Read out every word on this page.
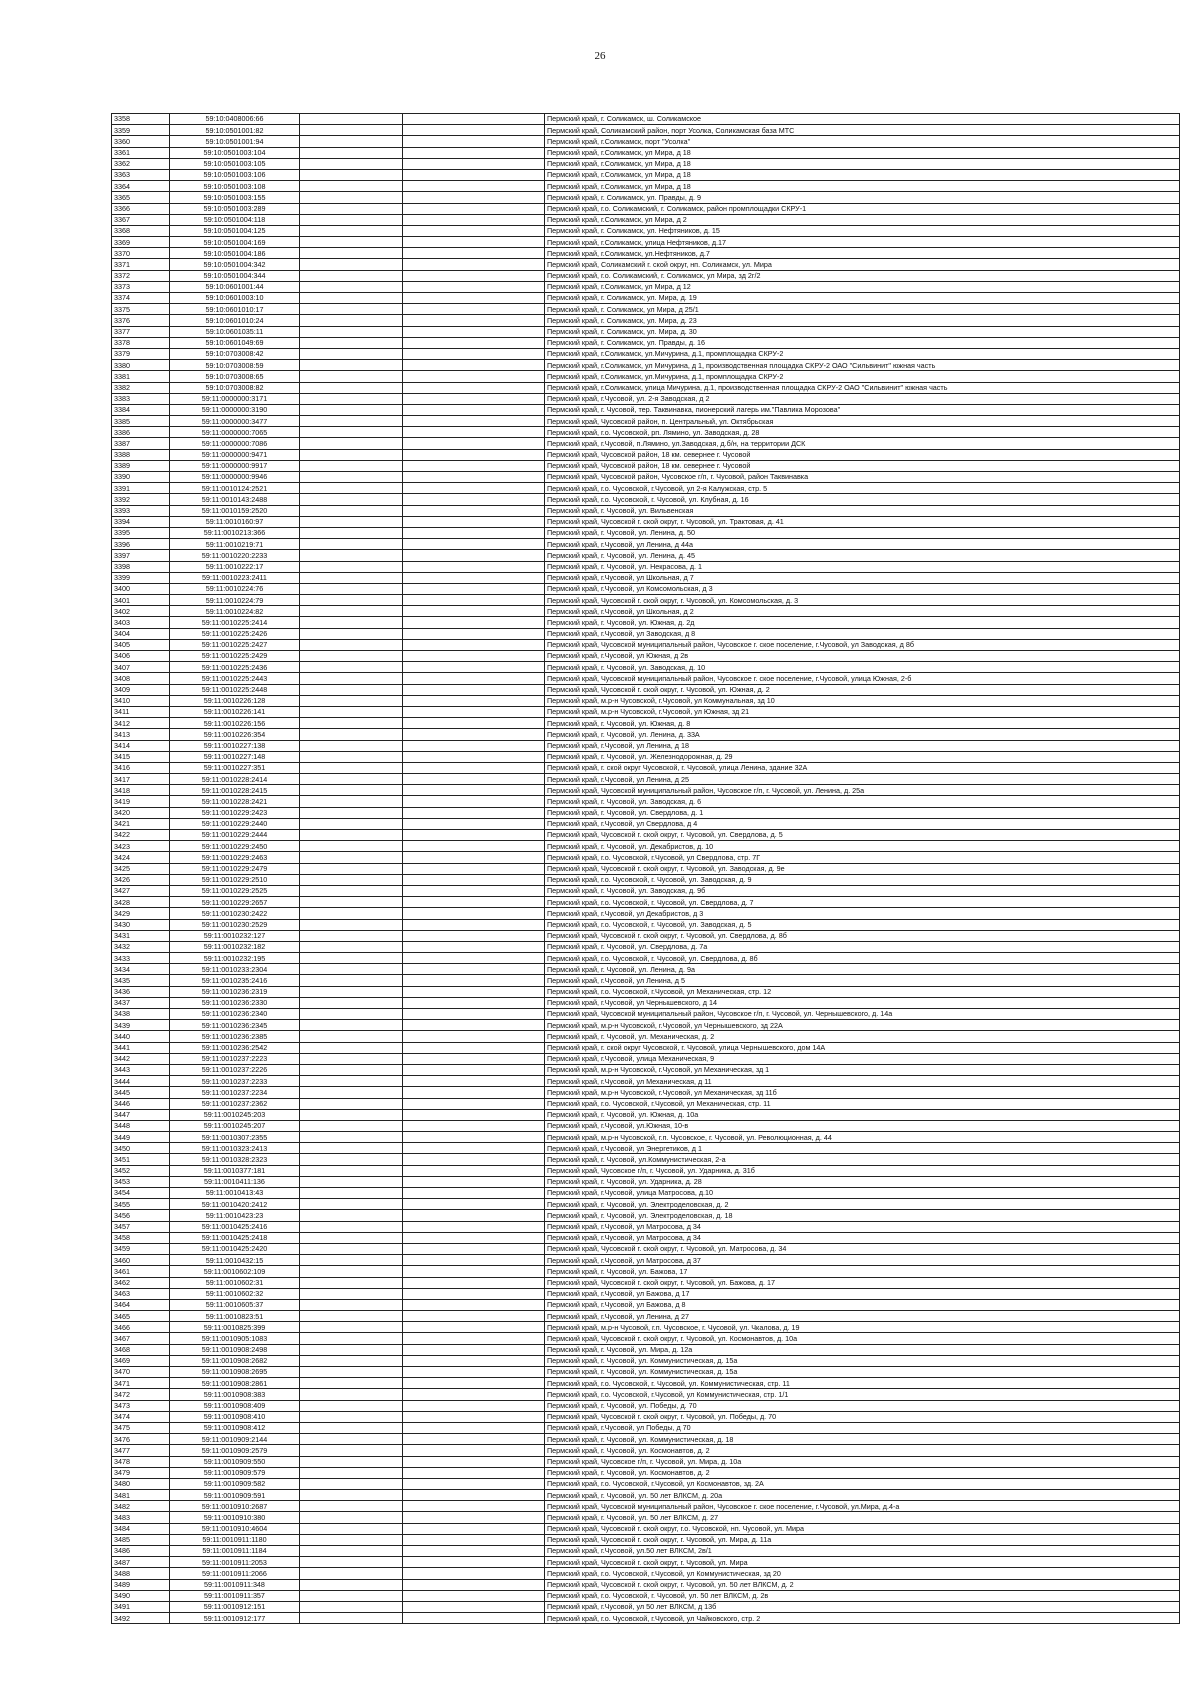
26
3358	59:10:0408006:66			Пермский край, г. Соликамск, ш. Соликамское
3359	59:10:0501001:82			Пермский край, Соликамский район, порт Усолка, Соликамская база МТС
3360	59:10:0501001:94			Пермский край, г.Соликамск, порт "Усолка"
3361	59:10:0501003:104			Пермский край, г.Соликамск, ул Мира, д 18
3362	59:10:0501003:105			Пермский край, г.Соликамск, ул Мира, д 18
3363	59:10:0501003:106			Пермский край, г.Соликамск, ул Мира, д 18
3364	59:10:0501003:108			Пермский край, г.Соликамск, ул Мира, д 18
3365	59:10:0501003:155			Пермский край, г. Соликамск, ул. Правды, д. 9
3366	59:10:0501003:289			Пермский край, г.о. Соликамский, г. Соликамск, район промплощадки СКРУ-1
3367	59:10:0501004:118			Пермский край, г.Соликамск, ул Мира, д 2
3368	59:10:0501004:125			Пермский край, г. Соликамск, ул. Нефтяников, д. 15
3369	59:10:0501004:169			Пермский край, г.Соликамск, улица Нефтяников, д.17
3370	59:10:0501004:186			Пермский край, г.Соликамск, ул.Нефтяников, д.7
3371	59:10:0501004:342			Пермский край, Соликамский г. ской округ, нп. Соликамск, ул. Мира
3372	59:10:0501004:344			Пермский край, г.о. Соликамский, г. Соликамск, ул Мира, зд 2г/2
3373	59:10:0601001:44			Пермский край, г.Соликамск, ул Мира, д 12
3374	59:10:0601003:10			Пермский край, г. Соликамск, ул. Мира, д. 19
3375	59:10:0601010:17			Пермский край, г. Соликамск, ул Мира, д 25/1
3376	59:10:0601010:24			Пермский край, г. Соликамск, ул. Мира, д. 23
3377	59:10:0601035:11			Пермский край, г. Соликамск, ул. Мира, д. 30
3378	59:10:0601049:69			Пермский край, г. Соликамск, ул. Правды, д. 16
3379	59:10:0703008:42			Пермский край, г.Соликамск, ул.Мичурина, д.1, промплощадка СКРУ-2
3380	59:10:0703008:59			Пермский край, г.Соликамск, ул Мичурина, д 1, производственная площадка СКРУ-2 ОАО "Сильвинит" южная часть
3381	59:10:0703008:65			Пермский край, г.Соликамск, ул.Мичурина, д.1, промплощадка СКРУ-2
3382	59:10:0703008:82			Пермский край, г.Соликамск, улица Мичурина, д.1, производственная площадка СКРУ-2 ОАО "Сильвинит" южная часть
3383	59:11:0000000:3171			Пермский край, г.Чусовой, ул. 2-я Заводская, д 2
3384	59:11:0000000:3190			Пермский край, г. Чусовой, тер. Таквинавка, пионерский лагерь им."Павлика Морозова"
3385	59:11:0000000:3477			Пермский край, Чусовской район, п. Центральный, ул. Октябрьская
3386	59:11:0000000:7065			Пермский край, г.о. Чусовской, рп. Лямино, ул. Заводская, д. 28
3387	59:11:0000000:7086			Пермский край, г.Чусовой, п.Лямино, ул.Заводская, д.б/н, на территории ДСК
3388	59:11:0000000:9471			Пермский край, Чусовской район, 18 км. севернее г. Чусовой
3389	59:11:0000000:9917			Пермский край, Чусовской район, 18 км. севернее г. Чусовой
3390	59:11:0000000:9946			Пермский край, Чусовской район, Чусовское г/п, г. Чусовой, район Таквинавка
3391	59:11:0010124:2521			Пермский край, г.о. Чусовской, г.Чусовой, ул 2-я Калужская, стр. 5
3392	59:11:0010143:2488			Пермский край, г.о. Чусовской, г. Чусовой, ул. Клубная, д. 16
3393	59:11:0010159:2520			Пермский край, г. Чусовой, ул. Вильвенская
3394	59:11:0010160:97			Пермский край, Чусовской г. ской округ, г. Чусовой, ул. Трактовая, д. 41
3395	59:11:0010213:366			Пермский край, г. Чусовой, ул. Ленина, д. 50
3396	59:11:0010219:71			Пермский край, г.Чусовой, ул Ленина, д 44а
3397	59:11:0010220:2233			Пермский край, г. Чусовой, ул. Ленина, д. 45
3398	59:11:0010222:17			Пермский край, г. Чусовой, ул. Некрасова, д. 1
3399	59:11:0010223:2411			Пермский край, г.Чусовой, ул Школьная, д 7
3400	59:11:0010224:76			Пермский край, г.Чусовой, ул Комсомольская, д 3
3401	59:11:0010224:79			Пермский край, Чусовской г. ской округ, г. Чусовой, ул. Комсомольская, д. 3
3402	59:11:0010224:82			Пермский край, г.Чусовой, ул Школьная, д 2
3403	59:11:0010225:2414			Пермский край, г. Чусовой, ул. Южная, д. 2д
3404	59:11:0010225:2426			Пермский край, г.Чусовой, ул Заводская, д 8
3405	59:11:0010225:2427			Пермский край, Чусовской муниципальный район, Чусовское г. ское поселение, г.Чусовой, ул Заводская, д 8б
3406	59:11:0010225:2429			Пермский край, г.Чусовой, ул Южная, д 2в
3407	59:11:0010225:2436			Пермский край, г. Чусовой, ул. Заводская, д. 10
3408	59:11:0010225:2443			Пермский край, Чусовской муниципальный район, Чусовское г. ское поселение, г.Чусовой, улица Южная, 2-б
3409	59:11:0010225:2448			Пермский край, Чусовской г. ской округ, г. Чусовой, ул. Южная, д. 2
3410	59:11:0010226:128			Пермский край, м.р-н Чусовской, г.Чусовой, ул Коммунальная, зд 10
3411	59:11:0010226:141			Пермский край, м.р-н Чусовской, г.Чусовой, ул Южная, зд 21
3412	59:11:0010226:156			Пермский край, г. Чусовой, ул. Южная, д. 8
3413	59:11:0010226:354			Пермский край, г. Чусовой, ул. Ленина, д. 33А
3414	59:11:0010227:138			Пермский край, г.Чусовой, ул Ленина, д 18
3415	59:11:0010227:148			Пермский край, г. Чусовой, ул. Железнодорожная, д. 29
3416	59:11:0010227:351			Пермский край, г. ской округ Чусовской, г. Чусовой, улица Ленина, здание 32А
3417	59:11:0010228:2414			Пермский край, г.Чусовой, ул Ленина, д 25
3418	59:11:0010228:2415			Пермский край, Чусовской муниципальный район, Чусовское г/п, г. Чусовой, ул. Ленина, д. 25а
3419	59:11:0010228:2421			Пермский край, г. Чусовой, ул. Заводская, д. 6
3420	59:11:0010229:2423			Пермский край, г. Чусовой, ул. Свердлова, д. 1
3421	59:11:0010229:2440			Пермский край, г.Чусовой, ул Свердлова, д 4
3422	59:11:0010229:2444			Пермский край, Чусовской г. ской округ, г. Чусовой, ул. Свердлова, д. 5
3423	59:11:0010229:2450			Пермский край, г. Чусовой, ул. Декабристов, д. 10
3424	59:11:0010229:2463			Пермский край, г.о. Чусовской, г.Чусовой, ул Свердлова, стр. 7Г
3425	59:11:0010229:2479			Пермский край, Чусовской г. ской округ, г. Чусовой, ул. Заводская, д. 9е
3426	59:11:0010229:2510			Пермский край, г.о. Чусовской, г. Чусовой, ул. Заводская, д. 9
3427	59:11:0010229:2525			Пермский край, г. Чусовой, ул. Заводская, д. 9б
3428	59:11:0010229:2657			Пермский край, г.о. Чусовской, г. Чусовой, ул. Свердлова, д. 7
3429	59:11:0010230:2422			Пермский край, г.Чусовой, ул Декабристов, д 3
3430	59:11:0010230:2529			Пермский край, г.о. Чусовской, г. Чусовой, ул. Заводская, д. 5
3431	59:11:0010232:127			Пермский край, Чусовской г. ской округ, г. Чусовой, ул. Свердлова, д. 8б
3432	59:11:0010232:182			Пермский край, г. Чусовой, ул. Свердлова, д. 7а
3433	59:11:0010232:195			Пермский край, г.о. Чусовской, г. Чусовой, ул. Свердлова, д. 8б
3434	59:11:0010233:2304			Пермский край, г. Чусовой, ул. Ленина, д. 9а
3435	59:11:0010235:2416			Пермский край, г.Чусовой, ул Ленина, д 5
3436	59:11:0010236:2319			Пермский край, г.о. Чусовской, г.Чусовой, ул Механическая, стр. 12
3437	59:11:0010236:2330			Пермский край, г.Чусовой, ул Чернышевского, д 14
3438	59:11:0010236:2340			Пермский край, Чусовской муниципальный район, Чусовское г/п, г. Чусовой, ул. Чернышевского, д. 14а
3439	59:11:0010236:2345			Пермский край, м.р-н Чусовской, г.Чусовой, ул Чернышевского, зд 22А
3440	59:11:0010236:2385			Пермский край, г. Чусовой, ул. Механическая, д. 2
3441	59:11:0010236:2542			Пермский край, г. ской округ Чусовской, г. Чусовой, улица Чернышевского, дом 14А
3442	59:11:0010237:2223			Пермский край, г.Чусовой, улица Механическая, 9
3443	59:11:0010237:2226			Пермский край, м.р-н Чусовской, г.Чусовой, ул Механическая, зд 1
3444	59:11:0010237:2233			Пермский край, г.Чусовой, ул Механическая, д 11
3445	59:11:0010237:2234			Пермский край, м.р-н Чусовской, г.Чусовой, ул Механическая, зд 11б
3446	59:11:0010237:2362			Пермский край, г.о. Чусовской, г.Чусовой, ул Механическая, стр. 11
3447	59:11:0010245:203			Пермский край, г. Чусовой, ул. Южная, д. 10а
3448	59:11:0010245:207			Пермский край, г.Чусовой, ул.Южная, 10-в
3449	59:11:0010307:2355			Пермский край, м.р-н Чусовской, г.п. Чусовское, г. Чусовой, ул. Революционная, д. 44
3450	59:11:0010323:2413			Пермский край, г.Чусовой, ул Энергетиков, д 1
3451	59:11:0010328:2323			Пермский край, г. Чусовой, ул.Коммунистическая, 2-а
3452	59:11:0010377:181			Пермский край, Чусовское г/п, г. Чусовой, ул. Ударника, д. 31б
3453	59:11:0010411:136			Пермский край, г. Чусовой, ул. Ударника, д. 28
3454	59:11:0010413:43			Пермский край, г.Чусовой, улица Матросова, д.10
3455	59:11:0010420:2412			Пермский край, г. Чусовой, ул. Электроделовская, д. 2
3456	59:11:0010423:23			Пермский край, г. Чусовой, ул. Электроделовская, д. 18
3457	59:11:0010425:2416			Пермский край, г.Чусовой, ул Матросова, д 34
3458	59:11:0010425:2418			Пермский край, г.Чусовой, ул Матросова, д 34
3459	59:11:0010425:2420			Пермский край, Чусовской г. ской округ, г. Чусовой, ул. Матросова, д. 34
3460	59:11:0010432:15			Пермский край, г.Чусовой, ул Матросова, д 37
3461	59:11:0010602:109			Пермский край, г. Чусовой, ул. Бажова, 17
3462	59:11:0010602:31			Пермский край, Чусовской г. ской округ, г. Чусовой, ул. Бажова, д. 17
3463	59:11:0010602:32			Пермский край, г.Чусовой, ул Бажова, д 17
3464	59:11:0010605:37			Пермский край, г.Чусовой, ул Бажова, д 8
3465	59:11:0010823:51			Пермский край, г.Чусовой, ул Ленина, д 27
3466	59:11:0010825:399			Пермский край, м.р-н Чусовой, г.п. Чусовское, г. Чусовой, ул. Чкалова, д. 19
3467	59:11:0010905:1083			Пермский край, Чусовской г. ской округ, г. Чусовой, ул. Космонавтов, д. 10а
3468	59:11:0010908:2498			Пермский край, г. Чусовой, ул. Мира, д. 12а
3469	59:11:0010908:2682			Пермский край, г. Чусовой, ул. Коммунистическая, д. 15а
3470	59:11:0010908:2695			Пермский край, г. Чусовой, ул. Коммунистическая, д. 15а
3471	59:11:0010908:2861			Пермский край, г.о. Чусовской, г. Чусовой, ул. Коммунистическая, стр. 11
3472	59:11:0010908:383			Пермский край, г.о. Чусовской, г.Чусовой, ул Коммунистическая, стр. 1/1
3473	59:11:0010908:409			Пермский край, г. Чусовой, ул. Победы, д. 70
3474	59:11:0010908:410			Пермский край, Чусовской г. ской округ, г. Чусовой, ул. Победы, д. 70
3475	59:11:0010908:412			Пермский край, г.Чусовой, ул Победы, д 70
3476	59:11:0010909:2144			Пермский край, г. Чусовой, ул. Коммунистическая, д. 18
3477	59:11:0010909:2579			Пермский край, г. Чусовой, ул. Космонавтов, д. 2
3478	59:11:0010909:550			Пермский край, Чусовское г/п, г. Чусовой, ул. Мира, д. 10а
3479	59:11:0010909:579			Пермский край, г. Чусовой, ул. Космонавтов, д. 2
3480	59:11:0010909:582			Пермский край, г.о. Чусовской, г.Чусовой, ул Космонавтов, зд. 2А
3481	59:11:0010909:591			Пермский край, г. Чусовой, ул. 50 лет ВЛКСМ, д. 20а
3482	59:11:0010910:2687			Пермский край, Чусовской муниципальный район, Чусовское г. ское поселение, г.Чусовой, ул.Мира, д.4-а
3483	59:11:0010910:380			Пермский край, г. Чусовой, ул. 50 лет ВЛКСМ, д. 27
3484	59:11:0010910:4604			Пермский край, Чусовской г. ской округ, г.о. Чусовской, нп. Чусовой, ул. Мира
3485	59:11:0010911:1180			Пермский край, Чусовской г. ской округ, г. Чусовой, ул. Мира, д. 11а
3486	59:11:0010911:1184			Пермский край, г.Чусовой, ул.50 лет ВЛКСМ, 2в/1
3487	59:11:0010911:2053			Пермский край, Чусовской г. ской округ, г. Чусовой, ул. Мира
3488	59:11:0010911:2066			Пермский край, г.о. Чусовской, г.Чусовой, ул Коммунистическая, зд 20
3489	59:11:0010911:348			Пермский край, Чусовской г. ской округ, г. Чусовой, ул. 50 лет ВЛКСМ, д. 2
3490	59:11:0010911:357			Пермский край, г.о. Чусовской, г. Чусовой, ул. 50 лет ВЛКСМ, д. 2в
3491	59:11:0010912:151			Пермский край, г.Чусовой, ул 50 лет ВЛКСМ, д 13б
3492	59:11:0010912:177			Пермский край, г.о. Чусовской, г.Чусовой, ул Чайковского, стр. 2
